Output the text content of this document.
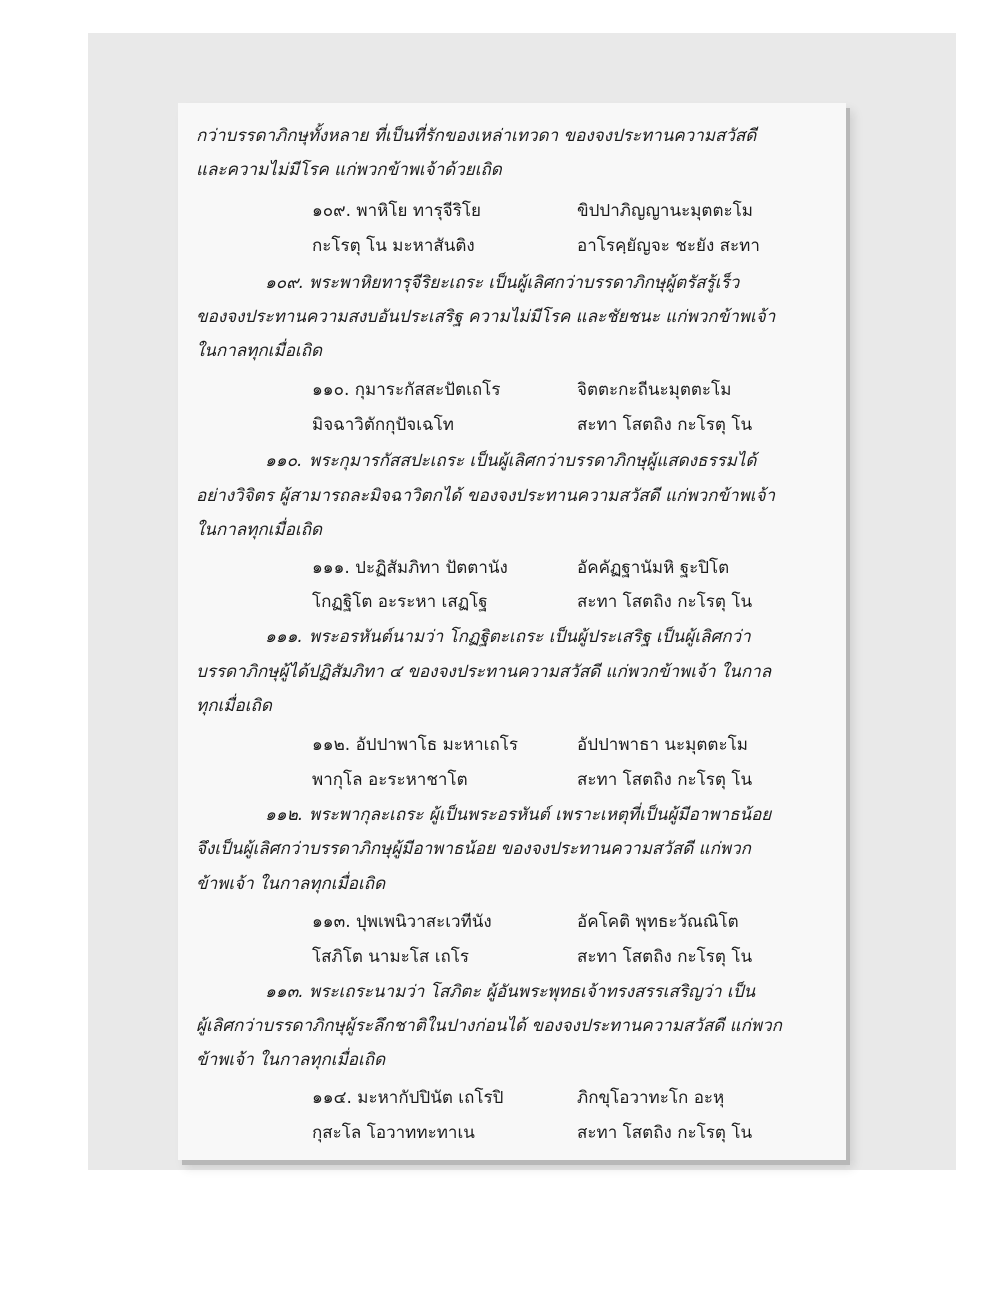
กว่าบรรดาภิกษุทั้งหลาย ที่เป็นที่รักของเหล่าเทวดา ของจงประทานความสวัสดี
และความไม่มีโรค แก่พวกข้าพเจ้าด้วยเถิด
๑๐๙. พาหิโย ทารุจีริโย	ขิปปาภิญญานะมุตตะโม
กะโรตุ โน มะหาสันติง	อาโรคฺยัญจะ ชะยัง สะทา
๑๐๙. พระพาหิยทารุจีริยะเถระ เป็นผู้เลิศกว่าบรรดาภิกษุผู้ตรัสรู้เร็ว
ของจงประทานความสงบอันประเสริฐ ความไม่มีโรค และชัยชนะ แก่พวกข้าพเจ้า
ในกาลทุกเมื่อเถิด
๑๑๐. กุมาระกัสสะปัตเถโร	จิตตะกะถีนะมุตตะโม
มิจฉาวิตักกุปัจเฉโท	สะทา โสตถิง กะโรตุ โน
๑๑๐. พระกุมารกัสสปะเถระ เป็นผู้เลิศกว่าบรรดาภิกษุผู้แสดงธรรมได้
อย่างวิจิตร ผู้สามารถละมิจฉาวิตกได้ ของจงประทานความสวัสดี แก่พวกข้าพเจ้า
ในกาลทุกเมื่อเถิด
๑๑๑. ปะฏิสัมภิทา ปัตตานัง	อัคคัฏฐานัมหิ ฐะปิโต
โกฏฐิโต อะระหา เสฏโฐ	สะทา โสตถิง กะโรตุ โน
๑๑๑. พระอรหันต์นามว่า โกฏฐิตะเถระ เป็นผู้ประเสริฐ เป็นผู้เลิศกว่า
บรรดาภิกษุผู้ได้ปฏิสัมภิทา ๔ ของจงประทานความสวัสดี แก่พวกข้าพเจ้า ในกาล
ทุกเมื่อเถิด
๑๑๒. อัปปาพาโธ มะหาเถโร	อัปปาพาธา นะมุตตะโม
พากุโล อะระหาชาโต	สะทา โสตถิง กะโรตุ โน
๑๑๒. พระพากุละเถระ ผู้เป็นพระอรหันต์ เพราะเหตุที่เป็นผู้มีอาพาธน้อย
จึงเป็นผู้เลิศกว่าบรรดาภิกษุผู้มีอาพาธน้อย ของจงประทานความสวัสดี แก่พวก
ข้าพเจ้า ในกาลทุกเมื่อเถิด
๑๑๓. ปุพเพนิวาสะเวทีนัง	อัคโคติ พุทธะวัณณิโต
โสภิโต นามะโส เถโร	สะทา โสตถิง กะโรตุ โน
๑๑๓. พระเถระนามว่า โสภิตะ ผู้อันพระพุทธเจ้าทรงสรรเสริญว่า เป็น
ผู้เลิศกว่าบรรดาภิกษุผู้ระลึกชาติในปางก่อนได้ ของจงประทานความสวัสดี แก่พวก
ข้าพเจ้า ในกาลทุกเมื่อเถิด
๑๑๔. มะหากัปปินัต เถโรปิ	ภิกขุโอวาทะโก อะหุ
กุสะโล โอวาททะทาเน	สะทา โสตถิง กะโรตุ โน
